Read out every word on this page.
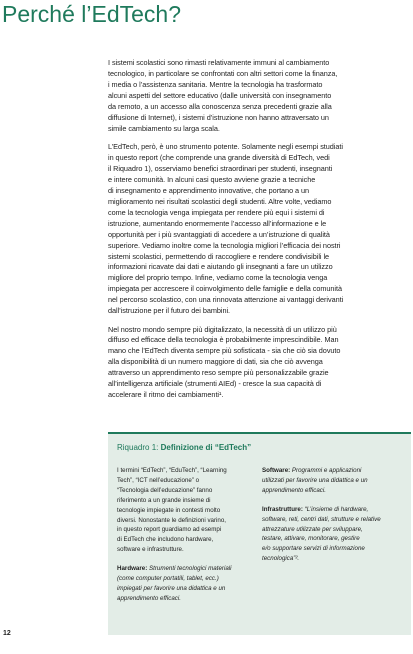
Perché l’EdTech?

I sistemi scolastici sono rimasti relativamente immuni al cambiamento
tecnologico, in particolare se confrontati con altri settori come la finanza,
i media o l’assistenza sanitaria. Mentre la tecnologia ha trasformato
alcuni aspetti del settore educativo (dalle università con insegnamento
da remoto, a un accesso alla conoscenza senza precedenti grazie alla
diffusione di Internet), i sistemi d’istruzione non hanno attraversato un
simile cambiamento su larga scala.

L’EdTech, però, è uno strumento potente. Solamente negli esempi studiati
in questo report (che comprende una grande diversità di EdTech, vedi
il Riquadro 1), osserviamo benefici straordinari per studenti, insegnanti
e intere comunità. In alcuni casi questo avviene grazie a tecniche
di insegnamento e apprendimento innovative, che portano a un
miglioramento nei risultati scolastici degli studenti. Altre volte, vediamo
come la tecnologia venga impiegata per rendere più equi i sistemi di
istruzione, aumentando enormemente l’accesso all’informazione e le
opportunità per i più svantaggiati di accedere a un’istruzione di qualità
superiore. Vediamo inoltre come la tecnologia migliori l’efficacia dei nostri
sistemi scolastici, permettendo di raccogliere e rendere condivisibili le
informazioni ricavate dai dati e aiutando gli insegnanti a fare un utilizzo
migliore del proprio tempo. Infine, vediamo come la tecnologia venga
impiegata per accrescere il coinvolgimento delle famiglie e della comunità
nel percorso scolastico, con una rinnovata attenzione ai vantaggi derivanti
dall’istruzione per il futuro dei bambini.

Nel nostro mondo sempre più digitalizzato, la necessità di un utilizzo più
diffuso ed efficace della tecnologia è probabilmente imprescindibile. Man
mano che l’EdTech diventa sempre più sofisticata - sia che ciò sia dovuto
alla disponibilità di un numero maggiore di dati, sia che ciò avvenga
attraverso un apprendimento reso sempre più personalizzabile grazie
all’intelligenza artificiale (strumenti AIEd) - cresce la sua capacità di
accelerare il ritmo dei cambiamenti¹.

Riquadro 1: Definizione di “EdTech”
I termini “EdTech”, “EduTech”, “Learning
Tech”, “ICT nell’educazione” o
“Tecnologia dell’educazione” fanno
riferimento a un grande insieme di
tecnologie impiegate in contesti molto
diversi. Nonostante le definizioni varino,
in questo report guardiamo ad esempi
di EdTech che includono hardware,
software e infrastrutture.
Hardware: Strumenti tecnologici materiali
(come computer portatili, tablet, ecc.)
impiegati per favorire una didattica e un
apprendimento efficaci.
Software: Programmi e applicazioni
utilizzati per favorire una didattica e un
apprendimento efficaci.
Infrastrutture: “L’insieme di hardware,
software, reti, centri dati, strutture e relative
attrezzature utilizzate per sviluppare,
testare, attivare, monitorare, gestire
e/o supportare servizi di informazione
tecnologica”².
12
